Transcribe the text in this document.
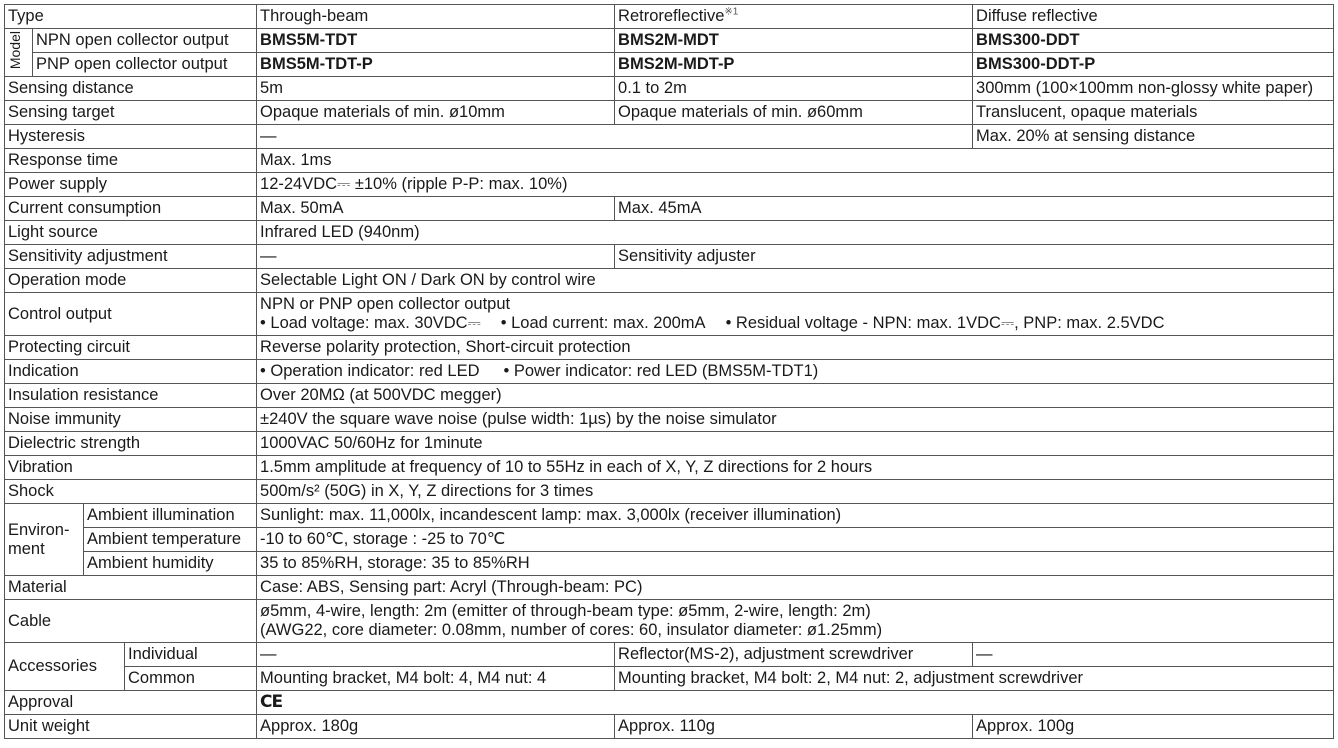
Type				Through-beam	Retroreflective$^{※1}$	Diffuse reflective
Model	NPN open collector output			BMS5M-TDT	BMS2M-MDT	BMS300-DDT
	PNP open collector output			BMS5M-TDT-P	BMS2M-MDT-P	BMS300-DDT-P
Sensing distance				5m	0.1 to 2m	300mm (100×100mm non-glossy white paper)
Sensing target				Opaque materials of min. ø10mm	Opaque materials of min. ø60mm	Translucent, opaque materials
Hysteresis				—		Max. 20% at sensing distance
Response time				Max. 1ms		
Power supply				12-24VDC⎓ ±10% (ripple P-P: max. 10%)		
Current consumption				Max. 50mA	Max. 45mA	
Light source				Infrared LED (940nm)		
Sensitivity adjustment				—	Sensitivity adjuster	
Operation mode				Selectable Light ON / Dark ON by control wire		
Control output				NPN or PNP open collector output
• Load voltage: max. 30VDC⎓ • Load current: max. 200mA • Residual voltage - NPN: max. 1VDC⎓, PNP: max. 2.5VDC		

Protecting circuit				Reverse polarity protection, Short-circuit protection		
Indication				• Operation indicator: red LED • Power indicator: red LED (BMS5M-TDT1)		
Insulation resistance				Over 20MΩ (at 500VDC megger)		
Noise immunity				±240V the square wave noise (pulse width: 1µs) by the noise simulator		
Dielectric strength				1000VAC 50/60Hz for 1minute		
Vibration				1.5mm amplitude at frequency of 10 to 55Hz in each of X, Y, Z directions for 2 hours		
Shock				500m/s² (50G) in X, Y, Z directions for 3 times		

Environ-
ment		Ambient illumination		Sunlight: max. 11,000lx, incandescent lamp: max. 3,000lx (receiver illumination)		
		Ambient temperature		-10 to 60℃, storage : -25 to 70℃		
		Ambient humidity		35 to 85%RH, storage: 35 to 85%RH		
Material				Case: ABS, Sensing part: Acryl (Through-beam: PC)		
Cable				ø5mm, 4-wire, length: 2m (emitter of through-beam type: ø5mm, 2-wire, length: 2m)
(AWG22, core diameter: 0.08mm, number of cores: 60, insulator diameter: ø1.25mm)		

Accessories			Individual	—	Reflector(MS-2), adjustment screwdriver	—
			Common	Mounting bracket, M4 bolt: 4, M4 nut: 4	Mounting bracket, M4 bolt: 2, M4 nut: 2, adjustment screwdriver	
Approval				CE		
Unit weight				Approx. 180g	Approx. 110g	Approx. 100g
